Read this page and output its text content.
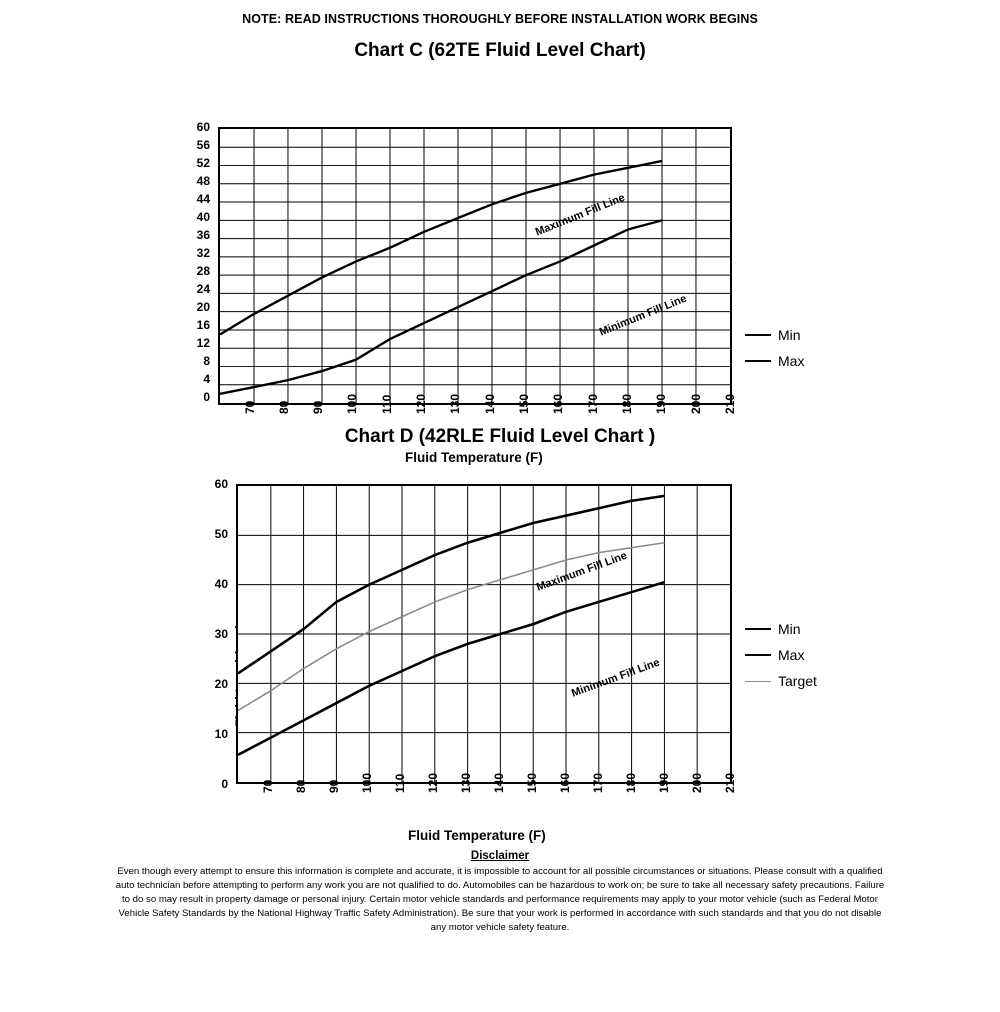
NOTE: READ INSTRUCTIONS THOROUGHLY BEFORE INSTALLATION WORK BEGINS
Chart C (62TE Fluid Level Chart)
Fluid Level (mm)
60
56
52
48
44
40
36
32
28
24
20
16
12
8
4
0
Maximum Fill Line
Minimum Fill Line
70 80 90 100 110 120 130 140 150 160 170 180 190 200 210
Fluid Temperature (F)
Min
Max
Chart D (42RLE Fluid Level Chart )
Fluid Level (mm)
60
50
40
30
20
10
0
Maximum Fill Line
Minimum Fill Line
70 80 90 100 110 120 130 140 150 160 170 180 190 200 210
Fluid Temperature (F)
Min
Max
Target
Disclaimer
Even though every attempt to ensure this information is complete and accurate, it is impossible to account for all possible circumstances or situations. Please consult with a qualified auto technician before attempting to perform any work you are not qualified to do. Automobiles can be hazardous to work on; be sure to take all necessary safety precautions. Failure to do so may result in property damage or personal injury. Certain motor vehicle standards and performance requirements may apply to your motor vehicle (such as Federal Motor Vehicle Safety Standards by the National Highway Traffic Safety Administration). Be sure that your work is performed in accordance with such standards and that you do not disable any motor vehicle safety feature.
